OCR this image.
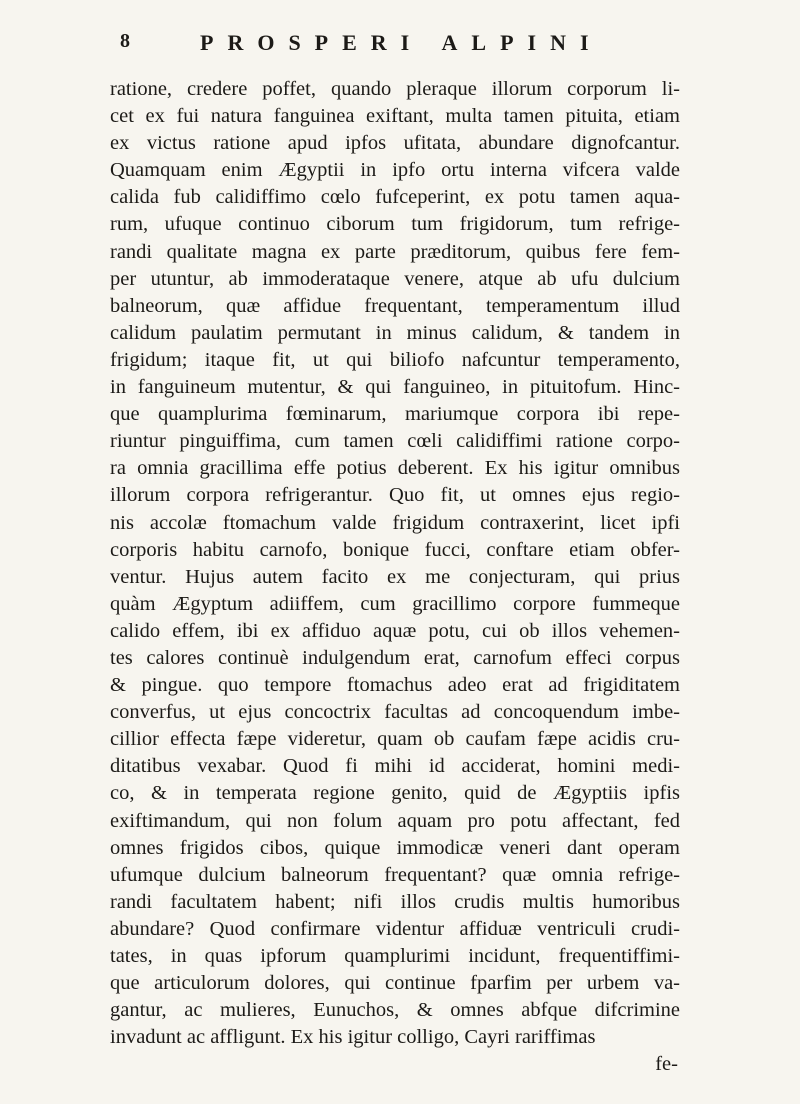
8	PROSPERI ALPINI
ratione, credere poffet, quando pleraque illorum corporum li-
cet ex fui natura fanguinea exiftant, multa tamen pituita, etiam
ex victus ratione apud ipfos ufitata, abundare dignofcantur.
Quamquam enim Ægyptii in ipfo ortu interna vifcera valde
calida fub calidiffimo cœlo fufceperint, ex potu tamen aqua-
rum, ufuque continuo ciborum tum frigidorum, tum refrige-
randi qualitate magna ex parte præditorum, quibus fere fem-
per utuntur, ab immoderataque venere, atque ab ufu dulcium
balneorum, quæ affidue frequentant, temperamentum illud
calidum paulatim permutant in minus calidum, & tandem in
frigidum; itaque fit, ut qui biliofo nafcuntur temperamento,
in fanguineum mutentur, & qui fanguineo, in pituitofum. Hinc-
que quamplurima fœminarum, mariumque corpora ibi repe-
riuntur pinguiffima, cum tamen cœli calidiffimi ratione corpo-
ra omnia gracillima effe potius deberent. Ex his igitur omnibus
illorum corpora refrigerantur. Quo fit, ut omnes ejus regio-
nis accolæ ftomachum valde frigidum contraxerint, licet ipfi
corporis habitu carnofo, bonique fucci, conftare etiam obfer-
ventur. Hujus autem facito ex me conjecturam, qui prius
quàm Ægyptum adiiffem, cum gracillimo corpore fummeque
calido effem, ibi ex affiduo aquæ potu, cui ob illos vehemen-
tes calores continuè indulgendum erat, carnofum effeci corpus
& pingue. quo tempore ftomachus adeo erat ad frigiditatem
converfus, ut ejus concoctrix facultas ad concoquendum imbe-
cillior effecta fæpe videretur, quam ob caufam fæpe acidis cru-
ditatibus vexabar. Quod fi mihi id acciderat, homini medi-
co, & in temperata regione genito, quid de Ægyptiis ipfis
exiftimandum, qui non folum aquam pro potu affectant, fed
omnes frigidos cibos, quique immodicæ veneri dant operam
ufumque dulcium balneorum frequentant? quæ omnia refrige-
randi facultatem habent; nifi illos crudis multis humoribus
abundare? Quod confirmare videntur affiduæ ventriculi crudi-
tates, in quas ipforum quamplurimi incidunt, frequentiffimi-
que articulorum dolores, qui continue fparfim per urbem va-
gantur, ac mulieres, Eunuchos, & omnes abfque difcrimine
invadunt ac affligunt. Ex his igitur colligo, Cayri rariffimas
fe-
